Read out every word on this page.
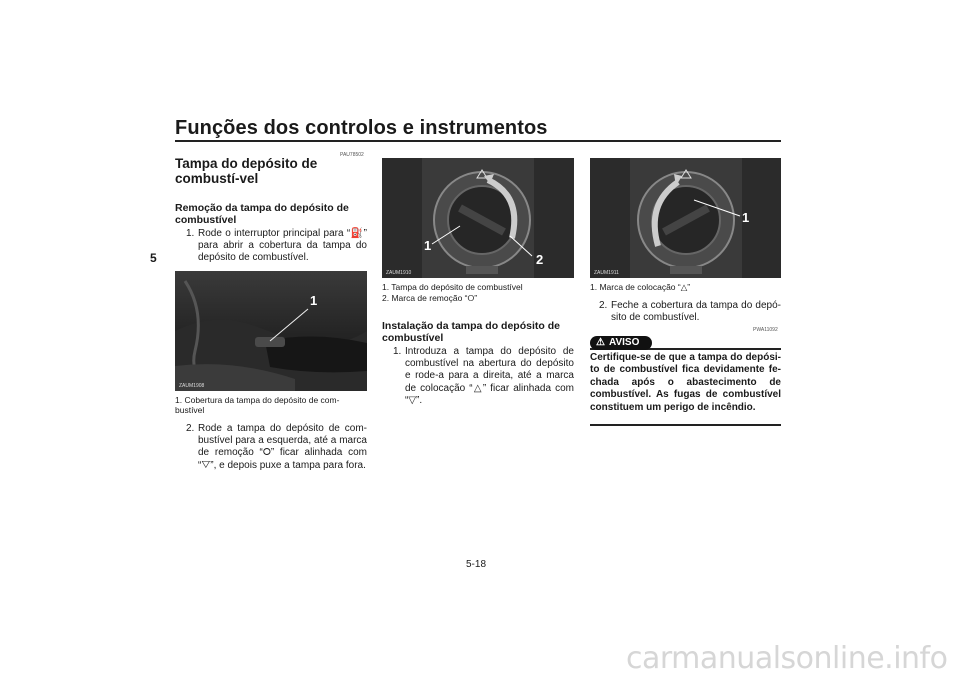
Funções dos controlos e instrumentos
5
PAU78502
Tampa do depósito de combustí-vel
Remoção da tampa do depósito de combustível
1. Rode o interruptor principal para “⛽” para abrir a cobertura da tampa do depósito de combustível.
1
ZAUM1908
1. Cobertura da tampa do depósito de com-bustível
2. Rode a tampa do depósito de com-bustível para a esquerda, até a marca de remoção “⭘” ficar alinhada com “▽”, e depois puxe a tampa para fora.
1
2
ZAUM1910
1. Tampa do depósito de combustível
2. Marca de remoção “⭘”
Instalação da tampa do depósito de combustível
1. Introduza a tampa do depósito de combustível na abertura do depósito e rode-a para a direita, até a marca de colocação “△” ficar alinhada com “▽”.
1
ZAUM1911
1. Marca de colocação “△”
2. Feche a cobertura da tampa do depó-sito de combustível.
PWA11092
⚠ AVISO
Certifique-se de que a tampa do depósi-to de combustível fica devidamente fe-chada após o abastecimento de combustível. As fugas de combustível constituem um perigo de incêndio.
5-18
carmanualsonline.info
